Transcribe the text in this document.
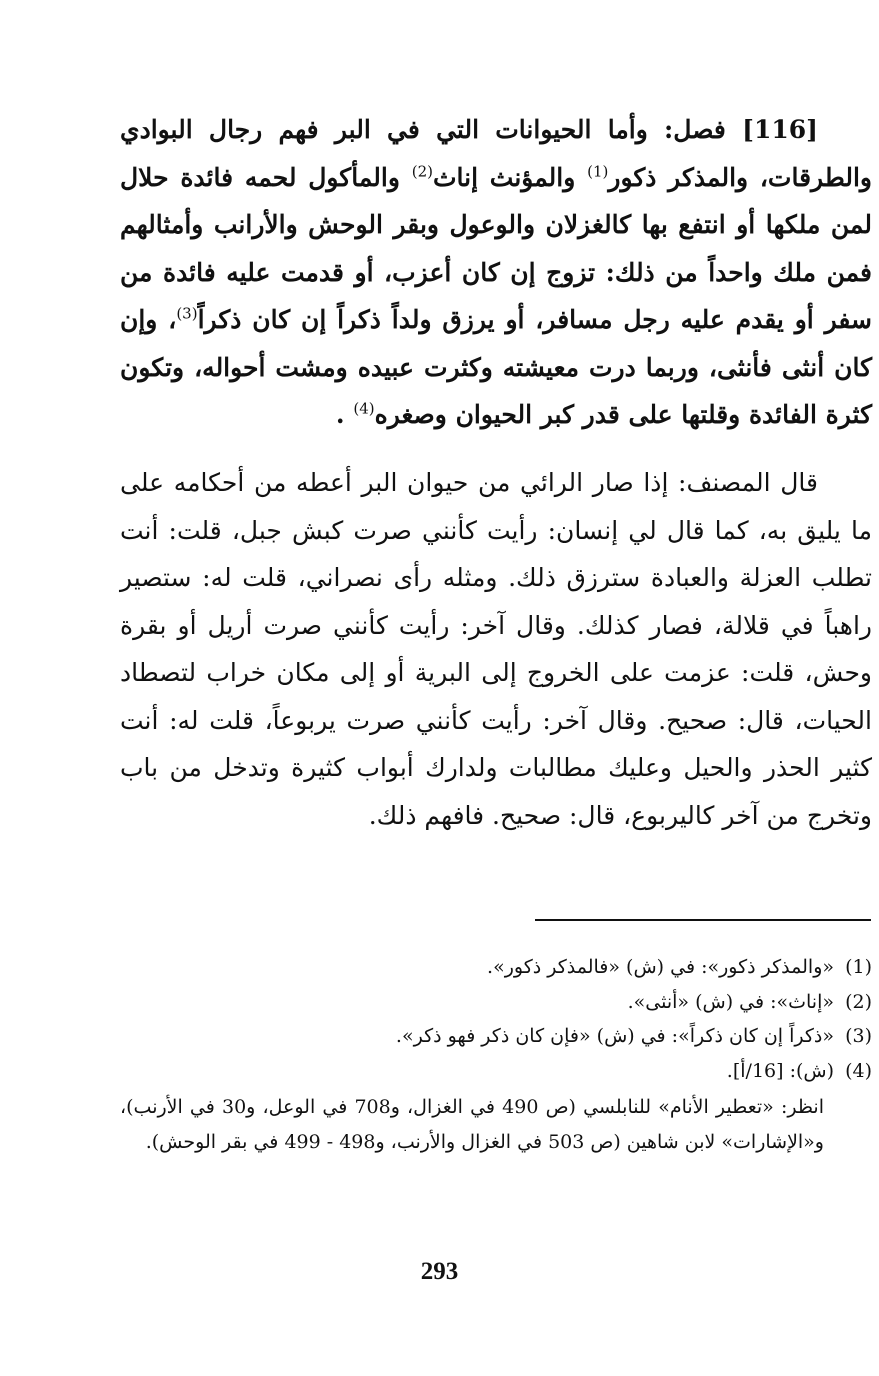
[116] فصل: وأما الحيوانات التي في البر فهم رجال البوادي والطرقات، والمذكر ذكور$^{(1)}$ والمؤنث إناث$^{(2)}$ والمأكول لحمه فائدة حلال لمن ملكها أو انتفع بها كالغزلان والوعول وبقر الوحش والأرانب وأمثالهم فمن ملك واحداً من ذلك: تزوج إن كان أعزب، أو قدمت عليه فائدة من سفر أو يقدم عليه رجل مسافر، أو يرزق ولداً ذكراً إن كان ذكراً$^{(3)}$، وإن كان أنثى فأنثى، وربما درت معيشته وكثرت عبيده ومشت أحواله، وتكون كثرة الفائدة وقلتها على قدر كبر الحيوان وصغره$^{(4)}$ .

قال المصنف: إذا صار الرائي من حيوان البر أعطه من أحكامه على ما يليق به، كما قال لي إنسان: رأيت كأنني صرت كبش جبل، قلت: أنت تطلب العزلة والعبادة سترزق ذلك. ومثله رأى نصراني، قلت له: ستصير راهباً في قلالة، فصار كذلك. وقال آخر: رأيت كأنني صرت أريل أو بقرة وحش، قلت: عزمت على الخروج إلى البرية أو إلى مكان خراب لتصطاد الحيات، قال: صحيح. وقال آخر: رأيت كأنني صرت يربوعاً، قلت له: أنت كثير الحذر والحيل وعليك مطالبات ولدارك أبواب كثيرة وتدخل من باب وتخرج من آخر كاليربوع، قال: صحيح. فافهم ذلك.

(1)«والمذكر ذكور»: في (ش) «فالمذكر ذكور».
(2)«إناث»: في (ش) «أنثى».
(3)«ذكراً إن كان ذكراً»: في (ش) «فإن كان ذكر فهو ذكر».
(4)(ش): [16/أ].
انظر: «تعطير الأنام» للنابلسي (ص 490 في الغزال، و708 في الوعل، و30 في الأرنب)، و«الإشارات» لابن شاهين (ص 503 في الغزال والأرنب، و498 - 499 في بقر الوحش).
293
